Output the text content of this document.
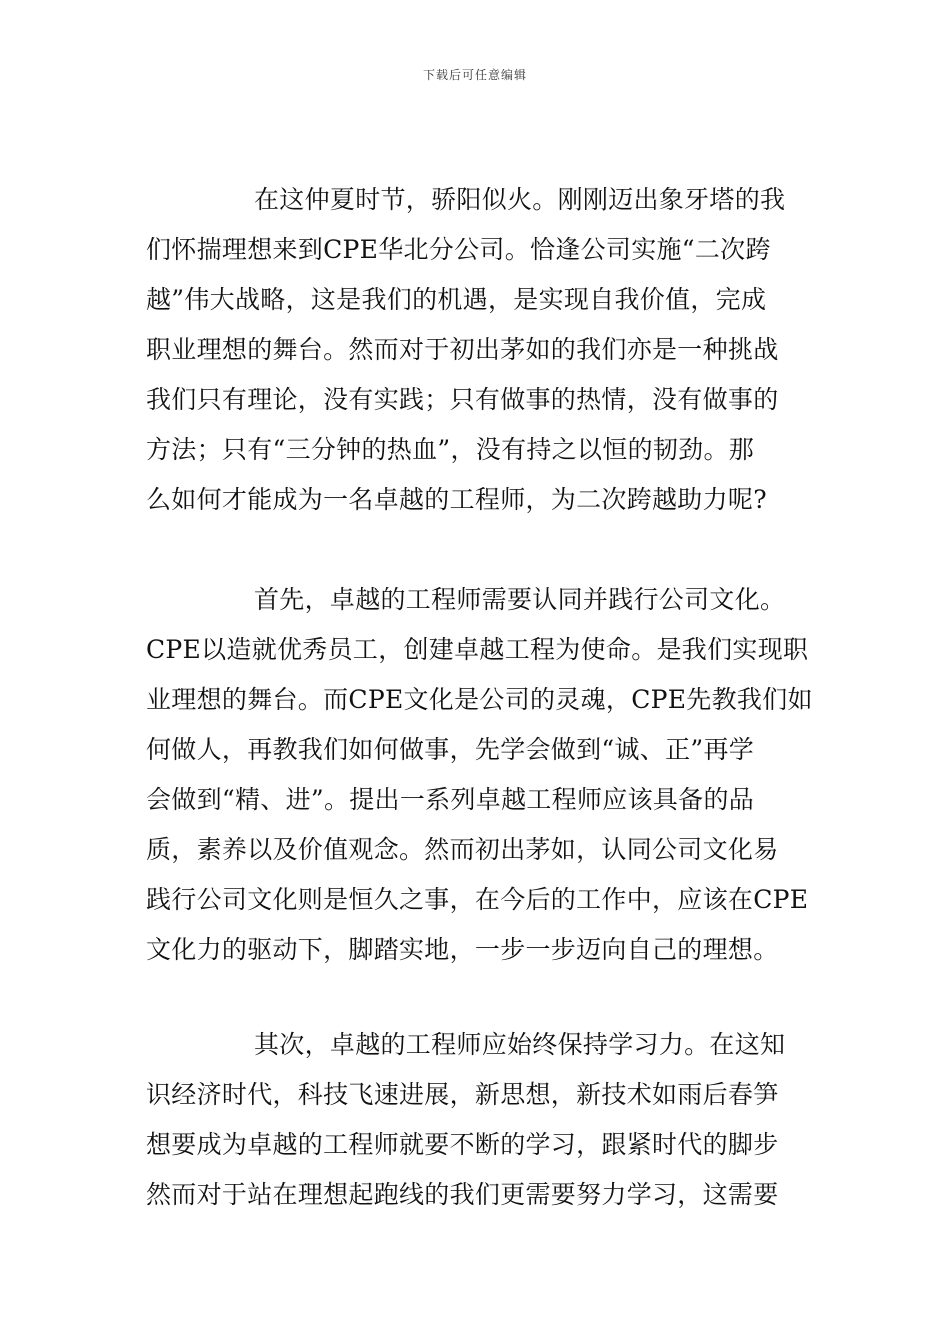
下载后可任意编辑
在这仲夏时节，骄阳似火。刚刚迈出象牙塔的我
们怀揣理想来到CPE华北分公司。恰逢公司实施“二次跨
越”伟大战略，这是我们的机遇，是实现自我价值，完成
职业理想的舞台。然而对于初出茅如的我们亦是一种挑战
我们只有理论，没有实践；只有做事的热情，没有做事的
方法；只有“三分钟的热血”，没有持之以恒的韧劲。那
么如何才能成为一名卓越的工程师，为二次跨越助力呢?
首先，卓越的工程师需要认同并践行公司文化。
CPE以造就优秀员工，创建卓越工程为使命。是我们实现职
业理想的舞台。而CPE文化是公司的灵魂，CPE先教我们如
何做人，再教我们如何做事，先学会做到“诚、正”再学
会做到“精、进”。提出一系列卓越工程师应该具备的品
质，素养以及价值观念。然而初出茅如，认同公司文化易
践行公司文化则是恒久之事，在今后的工作中，应该在CPE
文化力的驱动下，脚踏实地，一步一步迈向自己的理想。
其次，卓越的工程师应始终保持学习力。在这知
识经济时代，科技飞速进展，新思想，新技术如雨后春笋
想要成为卓越的工程师就要不断的学习，跟紧时代的脚步
然而对于站在理想起跑线的我们更需要努力学习，这需要
